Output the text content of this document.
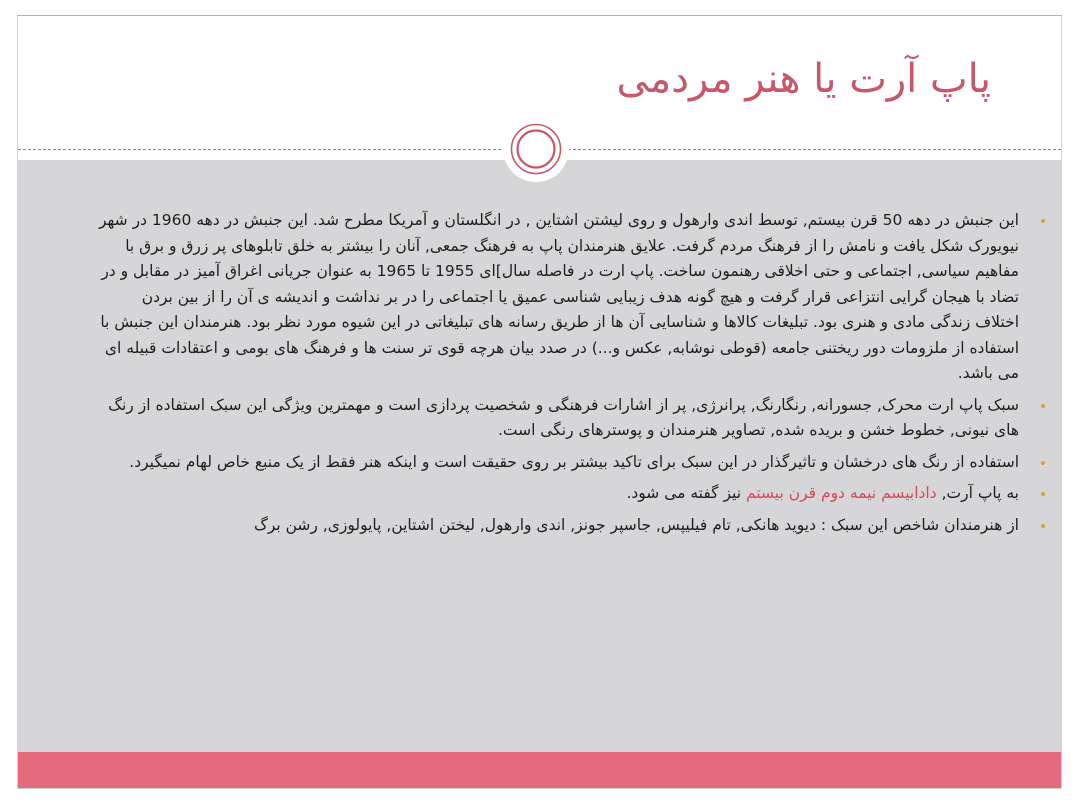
پاپ آرت یا هنر مردمی
این جنبش در دهه 50 قرن بیستم, توسط اندی وارهول و روی لیشتن اشتاین , در انگلستان و آمریکا مطرح شد. این جنبش در دهه 1960 در شهر نیویورک شکل یافت و نامش را از فرهنگ مردم گرفت. علایق هنرمندان پاپ به فرهنگ جمعی, آنان را بیشتر به خلق تابلوهای پر زرق و برق با مفاهیم سیاسی, اجتماعی و حتی اخلاقی رهنمون ساخت. پاپ ارت در فاصله سال]ای 1955 تا 1965 به عنوان جریانی اغراق آمیز در مقابل و در تضاد با هیجان گرایی انتزاعی قرار گرفت و هیچ گونه هدف زیبایی شناسی عمیق یا اجتماعی را در بر نداشت و اندیشه ی آن را از بین بردن اختلاف زندگی مادی و هنری بود. تبلیغات کالاها و شناسایی آن ها از طریق رسانه های تبلیغاتی در این شیوه مورد نظر بود. هنرمندان این جنبش با استفاده از ملزومات دور ریختنی جامعه (قوطی نوشابه, عکس و...) در صدد بیان هرچه قوی تر سنت ها و فرهنگ های بومی و اعتقادات قبیله ای می باشد.
سبک پاپ ارت محرک, جسورانه, رنگارنگ, پرانرژی, پر از اشارات فرهنگی و شخصیت پردازی است و مهمترین ویژگی این سبک استفاده از رنگ های نیونی, خطوط خشن و بریده شده, تصاویر هنرمندان و پوسترهای رنگی است.
استفاده از رنگ های درخشان و تاثیرگذار در این سبک برای تاکید بیشتر بر روی حقیقت است و اینکه هنر فقط از یک منبع خاص لهام نمیگیرد.
به پاپ آرت, دادابیسم نیمه دوم قرن بیستم نیز گفته می شود.
از هنرمندان شاخص این سبک : دیوید هانکی, تام فیلیپس, جاسپر جونز, اندی وارهول, لیختن اشتاین, پایولوزی, رشن برگ
